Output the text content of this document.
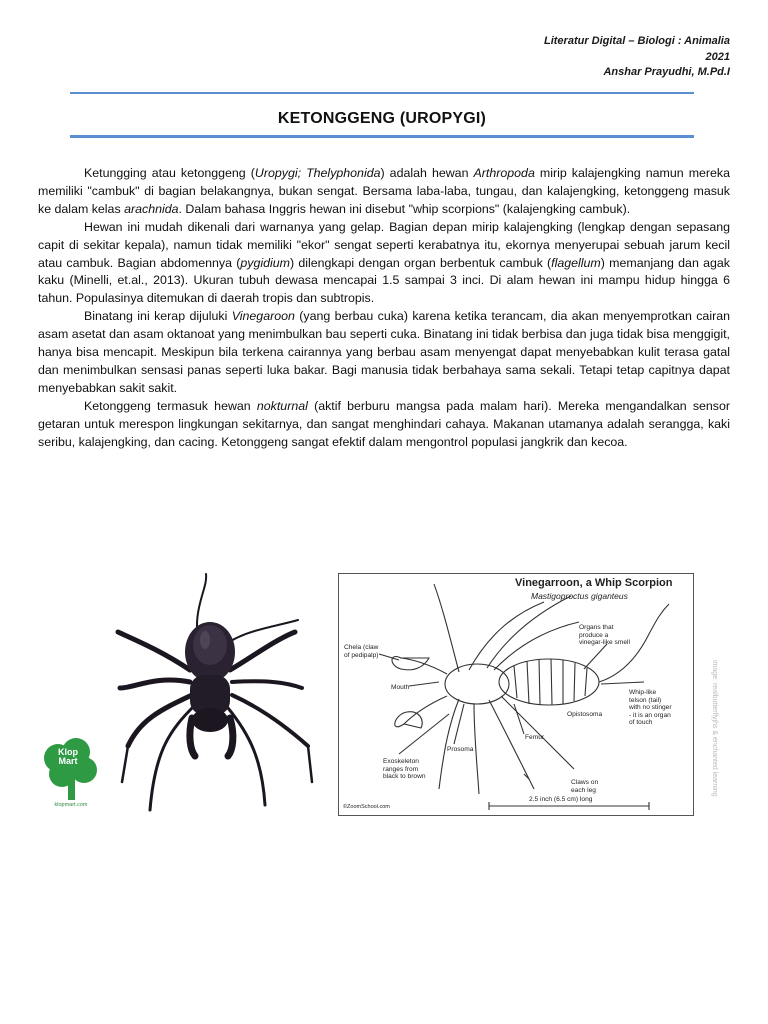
Literatur Digital – Biologi : Animalia
2021
Anshar Prayudhi, M.Pd.I
KETONGGENG (UROPYGI)

Ketungging atau ketonggeng (Uropygi; Thelyphonida) adalah hewan Arthropoda mirip kalajengking namun mereka memiliki "cambuk" di bagian belakangnya, bukan sengat. Bersama laba-laba, tungau, dan kalajengking, ketonggeng masuk ke dalam kelas arachnida. Dalam bahasa Inggris hewan ini disebut "whip scorpions" (kalajengking cambuk).

Hewan ini mudah dikenali dari warnanya yang gelap. Bagian depan mirip kalajengking (lengkap dengan sepasang capit di sekitar kepala), namun tidak memiliki "ekor" sengat seperti kerabatnya itu, ekornya menyerupai sebuah jarum kecil atau cambuk. Bagian abdomennya (pygidium) dilengkapi dengan organ berbentuk cambuk (flagellum) memanjang dan agak kaku (Minelli, et.al., 2013). Ukuran tubuh dewasa mencapai 1.5 sampai 3 inci. Di alam hewan ini mampu hidup hingga 6 tahun. Populasinya ditemukan di daerah tropis dan subtropis.

Binatang ini kerap dijuluki Vinegaroon (yang berbau cuka) karena ketika terancam, dia akan menyemprotkan cairan asam asetat dan asam oktanoat yang menimbulkan bau seperti cuka. Binatang ini tidak berbisa dan juga tidak bisa menggigit, hanya bisa mencapit. Meskipun bila terkena cairannya yang berbau asam menyengat dapat menyebabkan kulit terasa gatal dan menimbulkan sensasi panas seperti luka bakar. Bagi manusia tidak berbahaya sama sekali. Tetapi tetap capitnya dapat menyebabkan sakit sakit.

Ketonggeng termasuk hewan nokturnal (aktif berburu mangsa pada malam hari). Mereka mengandalkan sensor getaran untuk merespon lingkungan sekitarnya, dan sangat menghindari cahaya. Makanan utamanya adalah serangga, kaki seribu, kalajengking, dan cacing. Ketonggeng sangat efektif dalam mengontrol populasi jangkrik dan kecoa.

Klop
Mart
klopmart.com
Vinegarroon, a Whip Scorpion
Mastigoproctus giganteus
Chela (claw
of pedipalp)
Mouth
Organs that
produce a
vinegar-like smell
Opistosoma
Femur
Prosoma
Whip-like
telson (tail)
with no stinger
- it is an organ
of touch
Exoskeleton
ranges from
black to brown
Claws on
each leg
2.5 inch (6.5 cm) long
©ZoomSchool.com
image: realbutterflyjhs & enchanted learning
